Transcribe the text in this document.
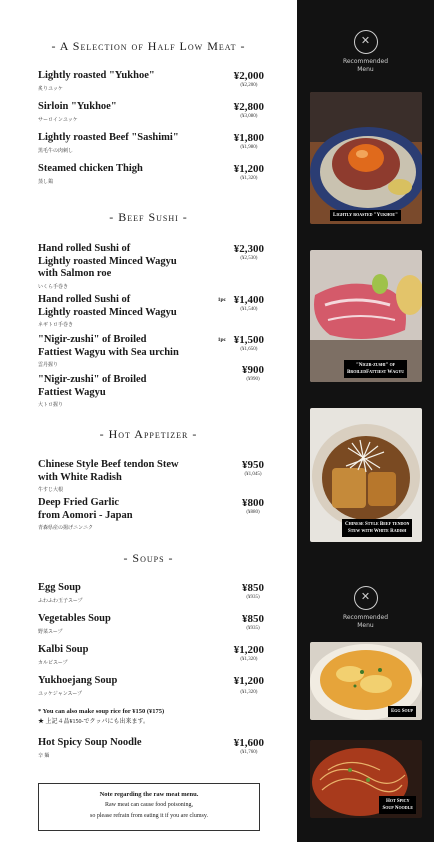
- A Selection of Half Low Meat -
Lightly roasted "Yukhoe"
炙りユッケ
¥2,000
(¥2,200)
Sirloin "Yukhoe"
サーロインユッケ
¥2,800
(¥3,080)
Lightly roasted Beef "Sashimi"
黒毛牛の肉刺し
¥1,800
(¥1,980)
Steamed chicken Thigh
蒸し鶏
¥1,200
(¥1,320)
- Beef Sushi -
Hand rolled Sushi of
Lightly roasted Minced Wagyu
with Salmon roe
いくら手巻き
¥2,300
(¥2,530)
Hand rolled Sushi of
Lightly roasted Minced Wagyu
ネギトロ手巻き
1pc ¥1,400
(¥1,540)
"Nigir-zushi" of Broiled
Fattiest Wagyu with Sea urchin
雲丹握り
1pc ¥1,500
(¥1,650)
"Nigir-zushi" of Broiled
Fattiest Wagyu
大トロ握り
¥900
(¥990)
- Hot Appetizer -
Chinese Style Beef tendon Stew
with White Radish
牛すじ大根
¥950
(¥1,045)
Deep Fried Garlic
from Aomori - Japan
青森県産の揚げニンニク
¥800
(¥880)
- Soups -
Egg Soup
ふわふわ玉子スープ
¥850
(¥935)
Vegetables Soup
野菜スープ
¥850
(¥935)
Kalbi Soup
カルビスープ
¥1,200
(¥1,320)
Yukhoejang Soup
ユッケジャンスープ
¥1,200
(¥1,320)
* You can also make soup rice for ¥150 (¥175)
★ 上記４品¥150-でクッパにも出来ます。
Hot Spicy Soup Noodle
辛 麺
¥1,600
(¥1,760)
Note regarding the raw meat menu.
Raw meat can cause food poisoning,
so please refrain from eating it if you are clumsy.
✕
Recommended
Menu
Lightly roasted "Yukhoe"
"Nigir-zushi" of
BroiledFattiest Wagyu
Chinese Style Beef tendon
Stew with White Radish
✕
Recommended
Menu
Egg Soup
Hot Spicy
Soup Noodle
